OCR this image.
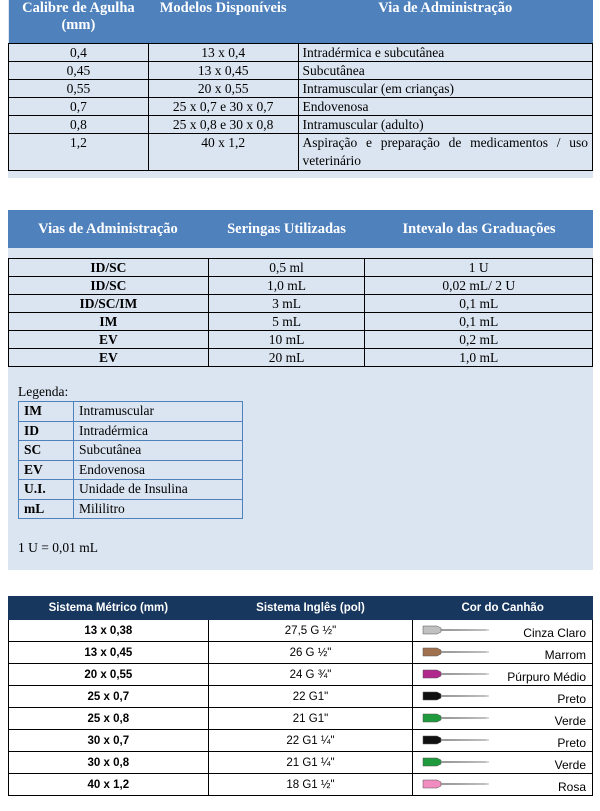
Calibre de Agulha (mm)	Modelos Disponíveis	Via de Administração
0,4	13 x 0,4	Intradérmica e subcutânea
0,45	13 x 0,45	Subcutânea
0,55	20 x 0,55	Intramuscular (em crianças)
0,7	25 x 0,7 e 30 x 0,7	Endovenosa
0,8	25 x 0,8 e 30 x 0,8	Intramuscular (adulto)
1,2	40 x 1,2	Aspiração e preparação de medicamentos / uso veterinário
Vias de Administração	Seringas Utilizadas	Intevalo das Graduações
ID/SC	0,5 ml	1 U
ID/SC	1,0 mL	0,02 mL/ 2 U
ID/SC/IM	3 mL	0,1 mL
IM	5 mL	0,1 mL
EV	10 mL	0,2 mL
EV	20 mL	1,0 mL
Legenda:
IM	Intramuscular
ID	Intradérmica
SC	Subcutânea
EV	Endovenosa
U.I.	Unidade de Insulina
mL	Mililitro
1 U = 0,01 mL
Sistema Métrico (mm)	Sistema Inglês (pol)	Cor do Canhão
13 x 0,38	27,5 G ½"	Cinza Claro

13 x 0,45	26 G ½"	Marrom

20 x 0,55	24 G ¾"	Púrpuro Médio

25 x 0,7	22 G1"	Preto

25 x 0,8	21 G1"	Verde

30 x 0,7	22 G1 ¼"	Preto

30 x 0,8	21 G1 ¼"	Verde

40 x 1,2	18 G1 ½"	Rosa
